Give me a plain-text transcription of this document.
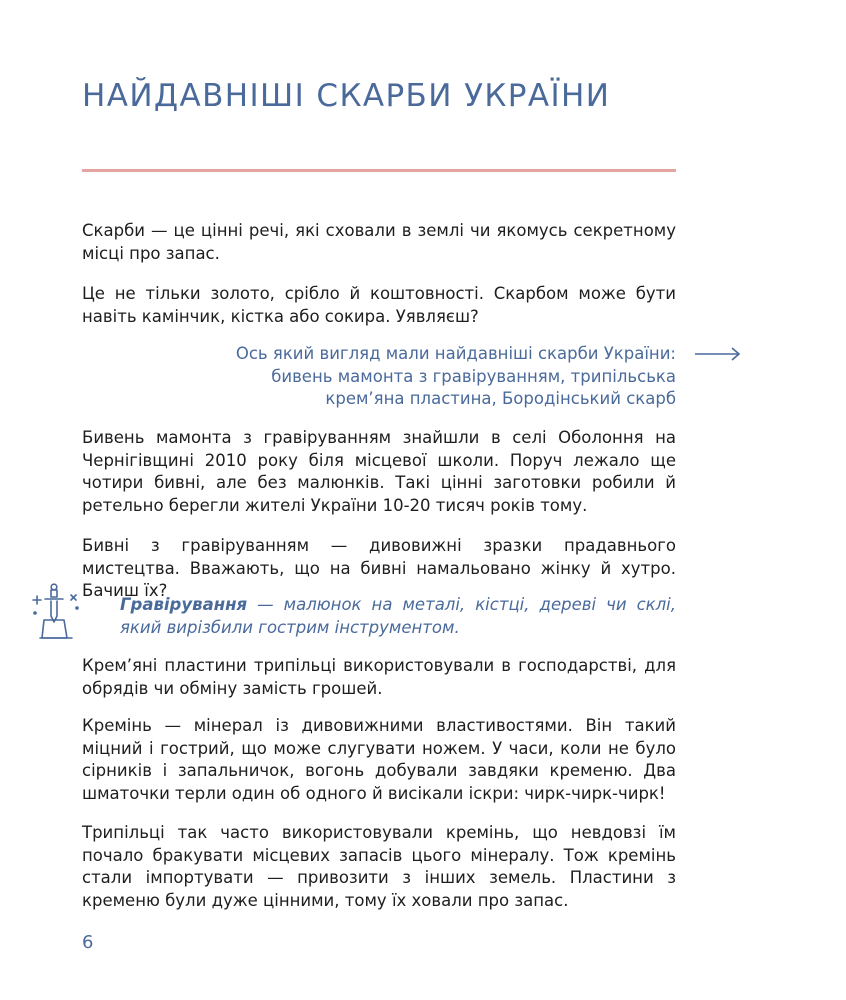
НАЙДАВНІШІ СКАРБИ УКРАЇНИ

Скарби — це цінні речі, які сховали в землі чи якомусь секретному місці про запас.

Це не тільки золото, срібло й коштовності. Скарбом може бути навіть камінчик, кістка або сокира. Уявляєш?

Ось який вигляд мали найдавніші скарби України:
бивень мамонта з гравіруванням, трипільська
крем’яна пластина, Бородінський скарб

Бивень мамонта з гравіруванням знайшли в селі Оболоння на Чернігівщині 2010 року біля місцевої школи. Поруч лежало ще чотири бивні, але без малюнків. Такі цінні заготовки робили й ретельно берегли жителі України 10-20 тисяч років тому.

Бивні з гравіруванням — дивовижні зразки прадавнього мистецтва. Вважають, що на бивні намальовано жінку й хутро. Бачиш їх?

Гравірування — малюнок на металі, кістці, дереві чи склі, який вирізбили гострим інструментом.

Крем’яні пластини трипільці використовували в господарстві, для обрядів чи обміну замість грошей.

Кремінь — мінерал із дивовижними властивостями. Він такий міцний і гострий, що може слугувати ножем. У часи, коли не було сірників і запальничок, вогонь добували завдяки кременю. Два шматочки терли один об одного й висікали іскри: чирк-чирк-чирк!

Трипільці так часто використовували кремінь, що невдовзі їм почало бракувати місцевих запасів цього мінералу. Тож кремінь стали імпортувати — привозити з інших земель. Пластини з кременю були дуже цінними, тому їх ховали про запас.

6
